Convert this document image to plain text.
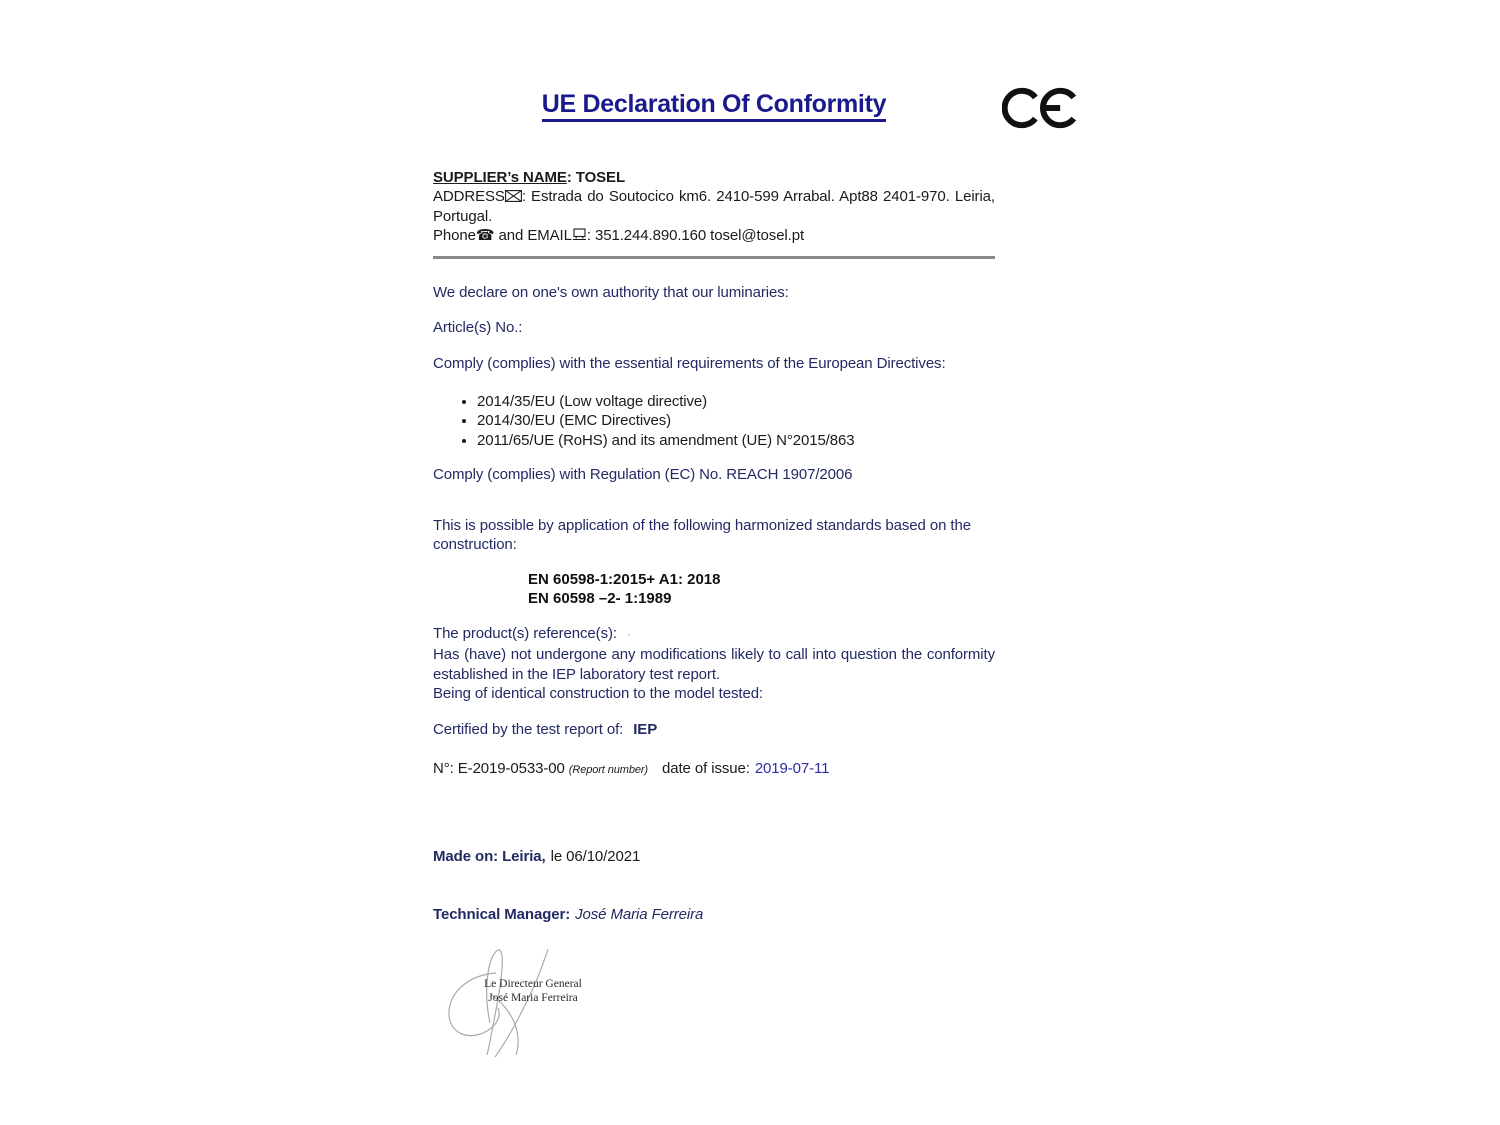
UE Declaration Of Conformity

SUPPLIER’s NAME: TOSEL

ADDRESS : Estrada do Soutocico km6. 2410-599 Arrabal. Apt88 2401-970. Leiria, Portugal.

Phone☎ and EMAIL : 351.244.890.160 tosel@tosel.pt

We declare on one's own authority that our luminaries:

Article(s) No.:

Comply (complies) with the essential requirements of the European Directives:

• 2014/35/EU (Low voltage directive)
• 2014/30/EU (EMC Directives)
• 2011/65/UE (RoHS) and its amendment (UE) N°2015/863

Comply (complies) with Regulation (EC) No. REACH 1907/2006

This is possible by application of the following harmonized standards based on the construction:

EN 60598-1:2015+ A1: 2018
EN 60598 –2- 1:1989

The product(s) reference(s): ·

Has (have) not undergone any modifications likely to call into question the conformity established in the IEP laboratory test report.

Being of identical construction to the model tested:

Certified by the test report of: IEP

N°: E-2019-0533-00 (Report number) date of issue: 2019-07-11

Made on: Leiria, le 06/10/2021

Technical Manager: José Maria Ferreira

Le Directeur General
José Maria Ferreira
